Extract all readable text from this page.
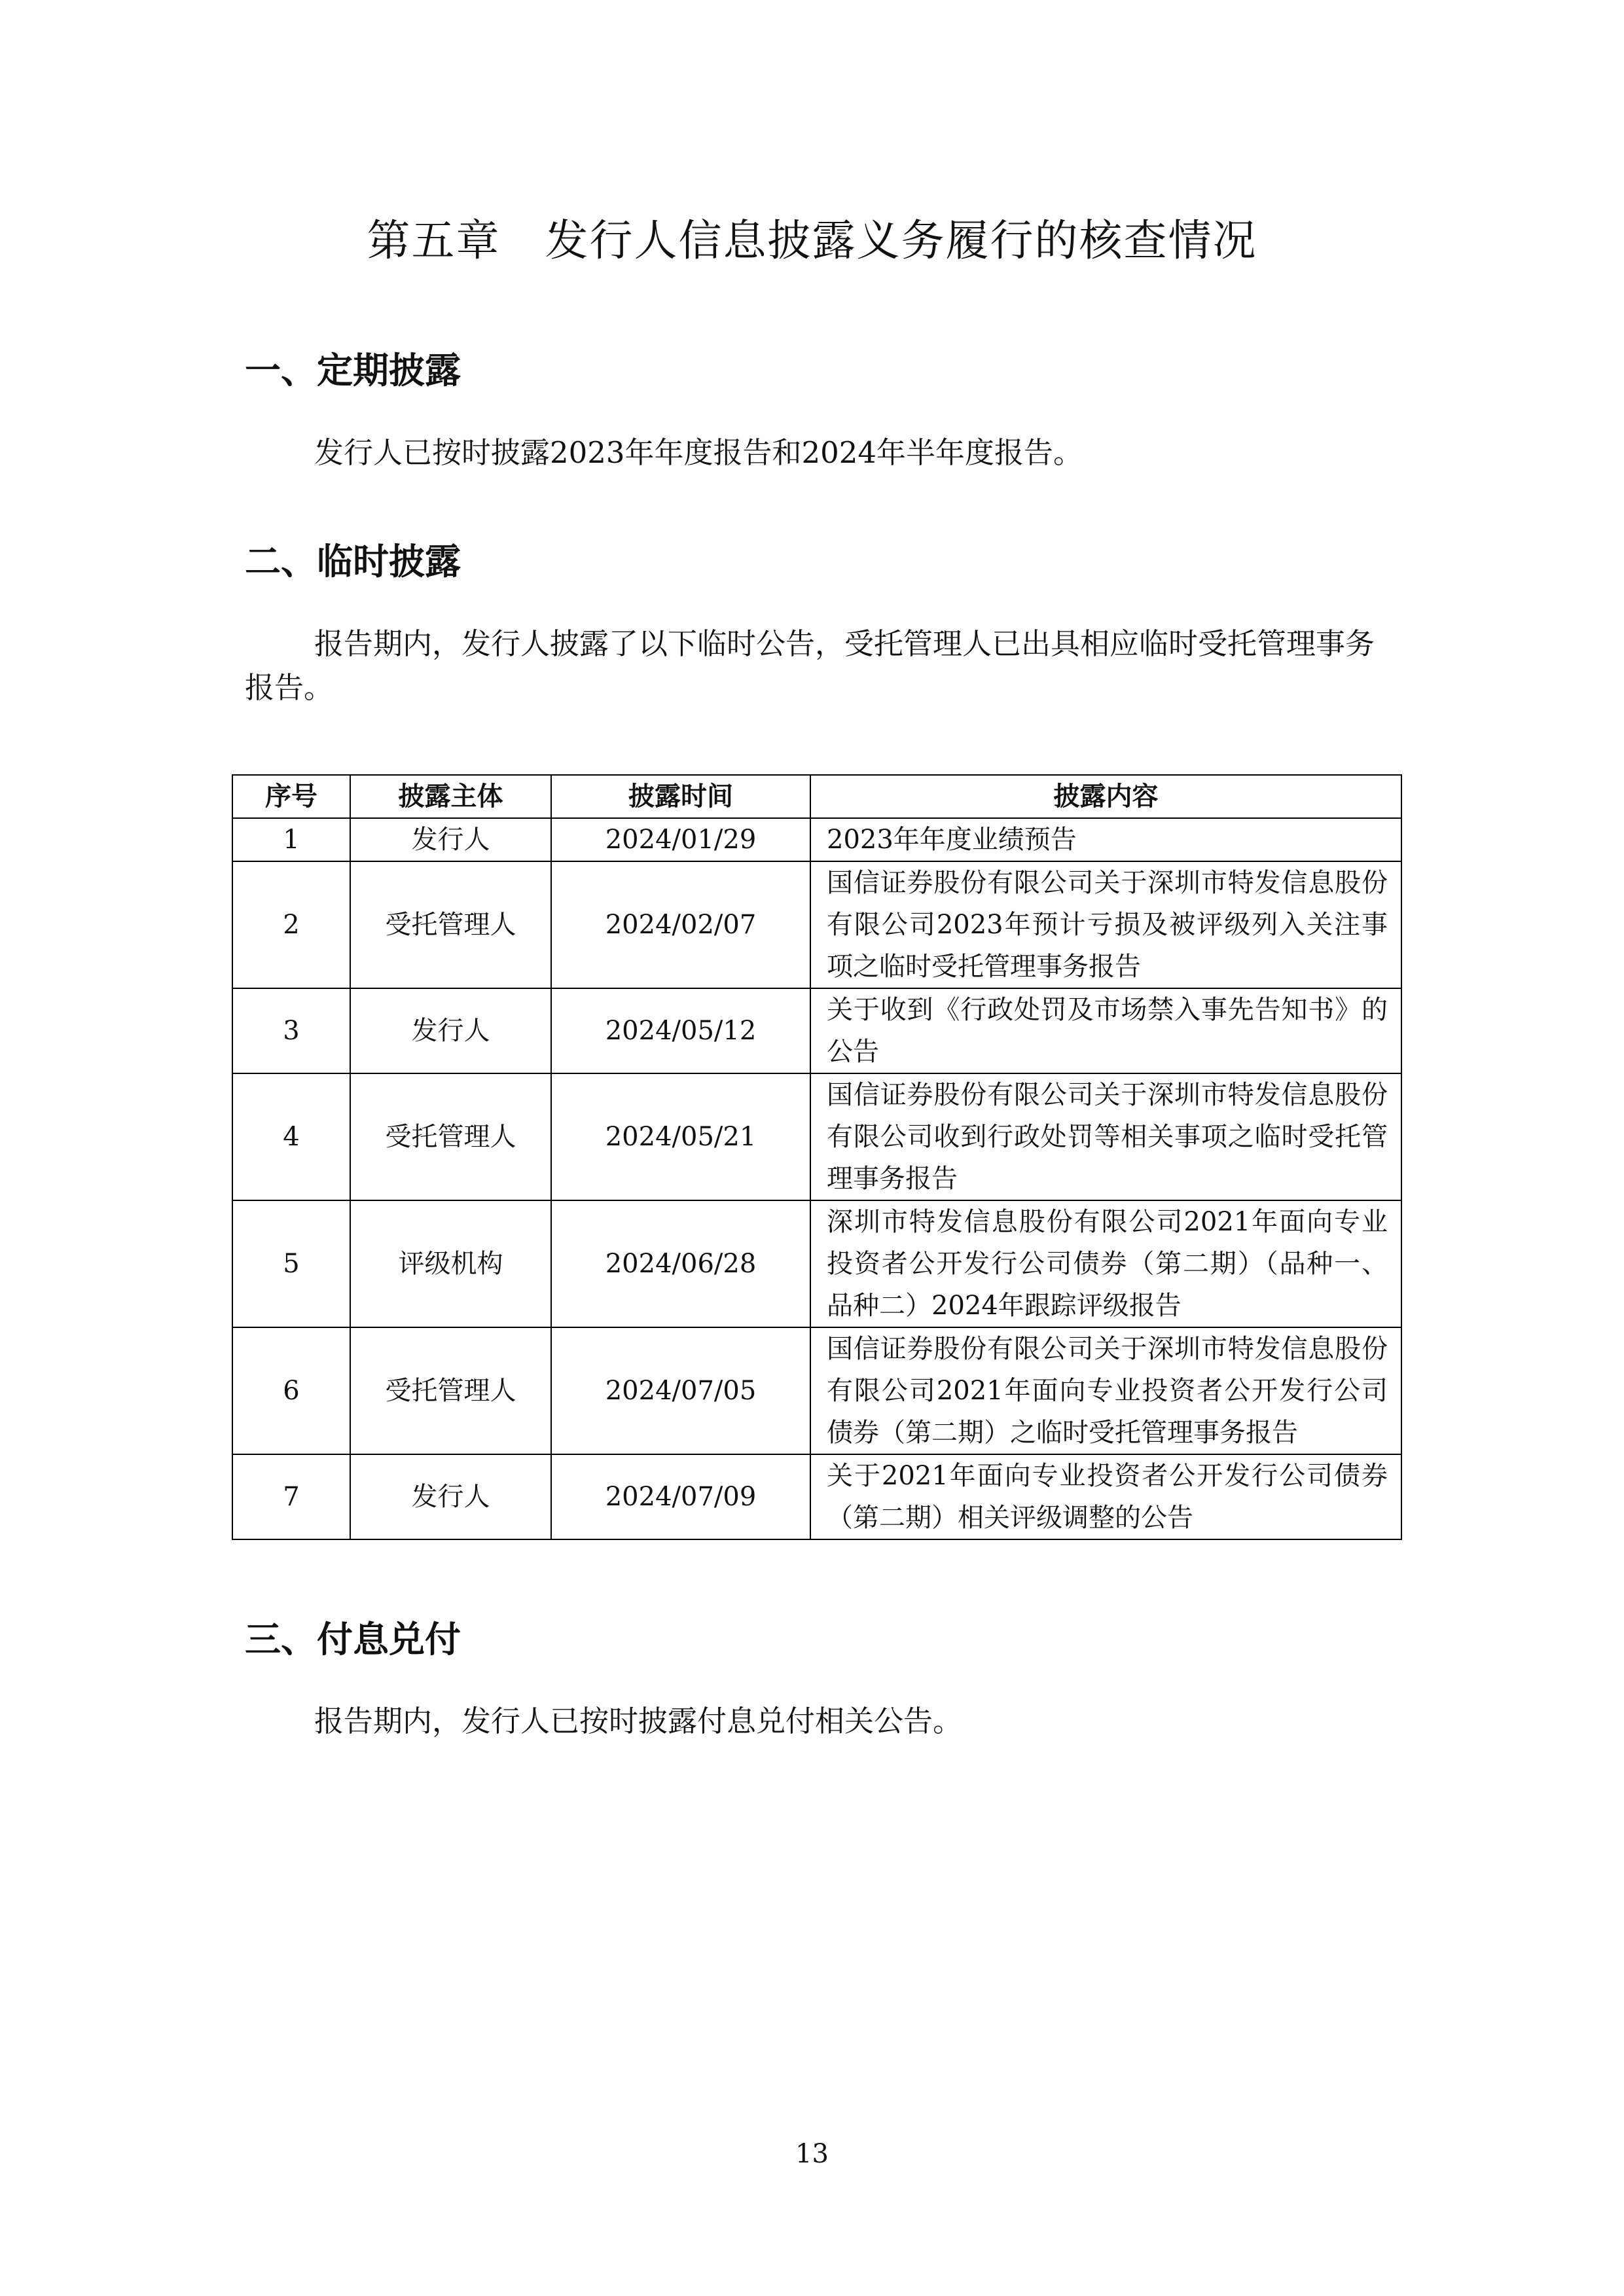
第五章　发行人信息披露义务履行的核查情况
一、定期披露

发行人已按时披露2023年年度报告和2024年半年度报告。

二、临时披露

报告期内，发行人披露了以下临时公告，受托管理人已出具相应临时受托管理事务报告。

序号	披露主体	披露时间	披露内容
1	发行人	2024/01/29	2023年年度业绩预告
2	受托管理人	2024/02/07	国信证券股份有限公司关于深圳市特发信息股份有限公司2023年预计亏损及被评级列入关注事项之临时受托管理事务报告
3	发行人	2024/05/12	关于收到《行政处罚及市场禁入事先告知书》的公告
4	受托管理人	2024/05/21	国信证券股份有限公司关于深圳市特发信息股份有限公司收到行政处罚等相关事项之临时受托管理事务报告
5	评级机构	2024/06/28	深圳市特发信息股份有限公司2021年面向专业投资者公开发行公司债券（第二期）（品种一、品种二）2024年跟踪评级报告
6	受托管理人	2024/07/05	国信证券股份有限公司关于深圳市特发信息股份有限公司2021年面向专业投资者公开发行公司债券（第二期）之临时受托管理事务报告
7	发行人	2024/07/09	关于2021年面向专业投资者公开发行公司债券（第二期）相关评级调整的公告
三、付息兑付

报告期内，发行人已按时披露付息兑付相关公告。

13
